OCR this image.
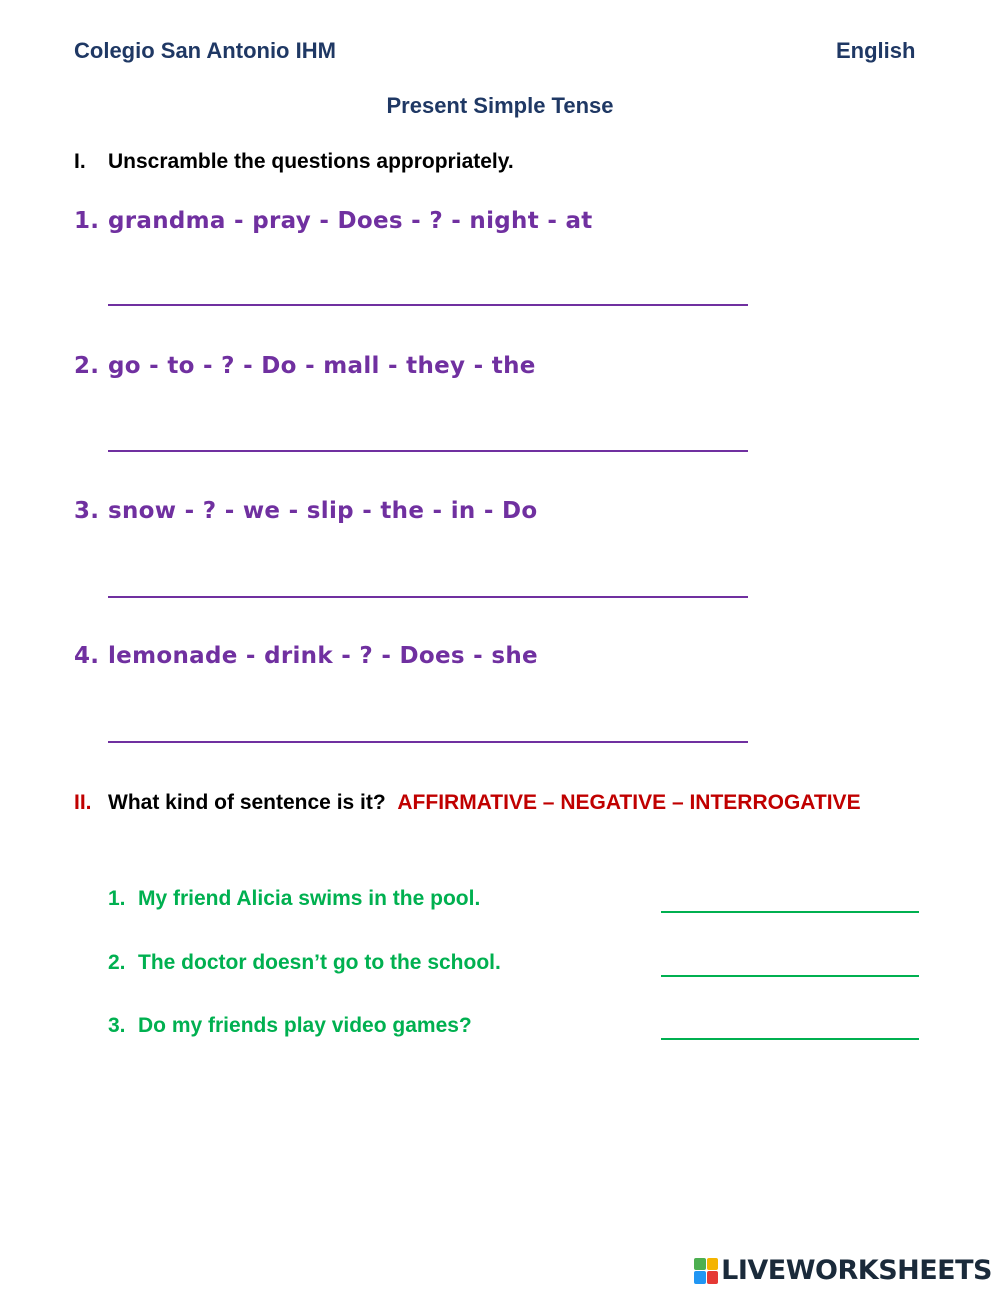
Colegio San Antonio IHM	English
Present Simple Tense
I. Unscramble the questions appropriately.
1. grandma - pray - Does - ? - night - at
2. go - to - ? - Do - mall - they - the
3. snow - ? - we - slip - the - in - Do
4. lemonade - drink - ? - Does - she
II. What kind of sentence is it? AFFIRMATIVE – NEGATIVE – INTERROGATIVE
1. My friend Alicia swims in the pool.
2. The doctor doesn’t go to the school.
3. Do my friends play video games?
LIVEWORKSHEETS
